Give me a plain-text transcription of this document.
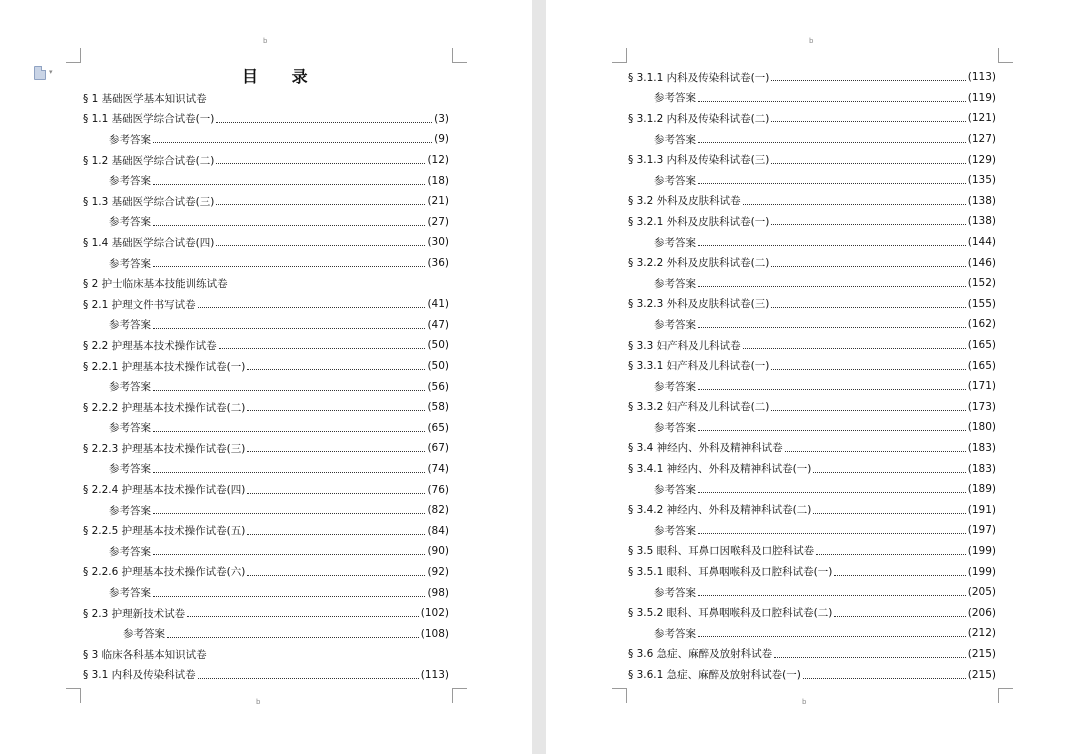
b
b
▾	目 录
§ 1 基础医学基本知识试卷
§ 1.1 基础医学综合试卷(一)	(3)
参考答案	(9)
§ 1.2 基础医学综合试卷(二)	(12)
参考答案	(18)
§ 1.3 基础医学综合试卷(三)	(21)
参考答案	(27)
§ 1.4 基础医学综合试卷(四)	(30)
参考答案	(36)
§ 2 护士临床基本技能训练试卷
§ 2.1 护理文件书写试卷	(41)
参考答案	(47)
§ 2.2 护理基本技术操作试卷	(50)
§ 2.2.1 护理基本技术操作试卷(一)	(50)
参考答案	(56)
§ 2.2.2 护理基本技术操作试卷(二)	(58)
参考答案	(65)
§ 2.2.3 护理基本技术操作试卷(三)	(67)
参考答案	(74)
§ 2.2.4 护理基本技术操作试卷(四)	(76)
参考答案	(82)
§ 2.2.5 护理基本技术操作试卷(五)	(84)
参考答案	(90)
§ 2.2.6 护理基本技术操作试卷(六)	(92)
参考答案	(98)
§ 2.3 护理新技术试卷	(102)
参考答案	(108)
§ 3 临床各科基本知识试卷
§ 3.1 内科及传染科试卷	(113)
b
b
§ 3.1.1 内科及传染科试卷(一)	(113)
参考答案	(119)
§ 3.1.2 内科及传染科试卷(二)	(121)
参考答案	(127)
§ 3.1.3 内科及传染科试卷(三)	(129)
参考答案	(135)
§ 3.2 外科及皮肤科试卷	(138)
§ 3.2.1 外科及皮肤科试卷(一)	(138)
参考答案	(144)
§ 3.2.2 外科及皮肤科试卷(二)	(146)
参考答案	(152)
§ 3.2.3 外科及皮肤科试卷(三)	(155)
参考答案	(162)
§ 3.3 妇产科及儿科试卷	(165)
§ 3.3.1 妇产科及儿科试卷(一)	(165)
参考答案	(171)
§ 3.3.2 妇产科及儿科试卷(二)	(173)
参考答案	(180)
§ 3.4 神经内、外科及精神科试卷	(183)
§ 3.4.1 神经内、外科及精神科试卷(一)	(183)
参考答案	(189)
§ 3.4.2 神经内、外科及精神科试卷(二)	(191)
参考答案	(197)
§ 3.5 眼科、耳鼻口因喉科及口腔科试卷	(199)
§ 3.5.1 眼科、耳鼻咽喉科及口腔科试卷(一)	(199)
参考答案	(205)
§ 3.5.2 眼科、耳鼻咽喉科及口腔科试卷(二)	(206)
参考答案	(212)
§ 3.6 急症、麻醉及放射科试卷	(215)
§ 3.6.1 急症、麻醉及放射科试卷(一)	(215)
